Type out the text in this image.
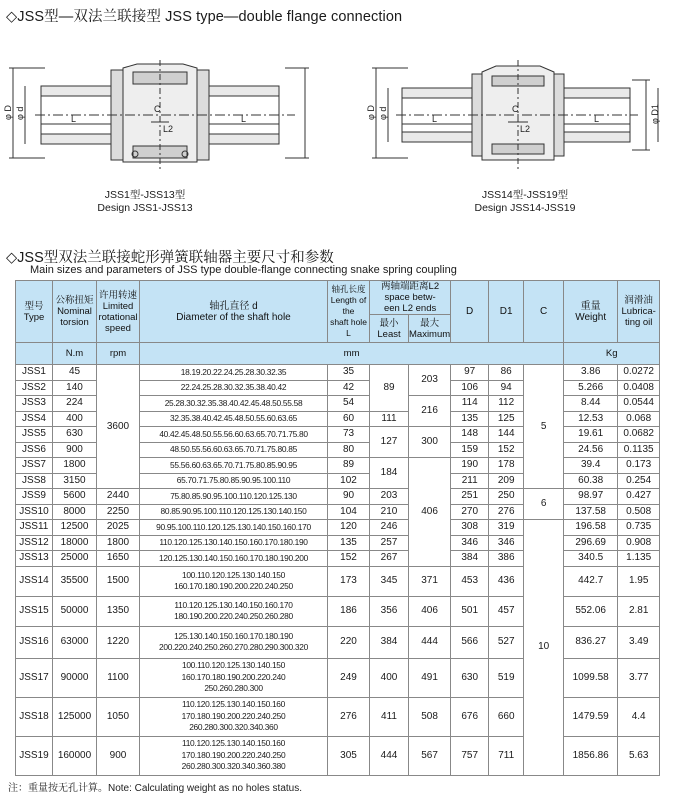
◇JSS型—双法兰联接型 JSS type—double flange connection
φ D φ d	L	L
C
L2
JSS1型-JSS13型
Design JSS1-JSS13
φ D φ d	φ D1
L	L
C
L2
JSS14型-JSS19型
Design JSS14-JSS19
◇JSS型双法兰联接蛇形弹簧联轴器主要尺寸和参数
Main sizes and parameters of JSS type double-flange connecting snake spring coupling
型号
Type	公称扭矩
Nominal
torsion	许用转速
Limited
rotational
speed	轴孔直径 d
Diameter of the shaft hole	轴孔长度
Length of the
shaft hole
L	两轴端距离L2
space betw-
een L2 ends		D	D1	C	重量
Weight	润滑油
Lubrica-
ting oil

					最小
Least	最大
Maximum					

	N.m	rpm	mm							Kg	
JSS1	45	3600	18.19.20.22.24.25.28.30.32.35	35	89	203	97	86	5	3.86	0.0272
JSS2	140		22.24.25.28.30.32.35.38.40.42	42			106	94		5.266	0.0408
JSS3	224		25.28.30.32.35.38.40.42.45.48.50.55.58	54		216	114	112		8.44	0.0544
JSS4	400		32.35.38.40.42.45.48.50.55.60.63.65	60	111		135	125		12.53	0.068
JSS5	630		40.42.45.48.50.55.56.60.63.65.70.71.75.80	73	127	300	148	144		19.61	0.0682
JSS6	900		48.50.55.56.60.63.65.70.71.75.80.85	80			159	152		24.56	0.1135
JSS7	1800		55.56.60.63.65.70.71.75.80.85.90.95	89	184	406	190	178		39.4	0.173
JSS8	3150		65.70.71.75.80.85.90.95.100.110	102			211	209		60.38	0.254
JSS9	5600	2440	75.80.85.90.95.100.110.120.125.130	90	203		251	250	6	98.97	0.427
JSS10	8000	2250	80.85.90.95.100.110.120.125.130.140.150	104	210		270	276		137.58	0.508
JSS11	12500	2025	90.95.100.110.120.125.130.140.150.160.170	120	246		308	319	10	196.58	0.735
JSS12	18000	1800	110.120.125.130.140.150.160.170.180.190	135	257		346	346		296.69	0.908
JSS13	25000	1650	120.125.130.140.150.160.170.180.190.200	152	267		384	386		340.5	1.135
JSS14	35500	1500	100.110.120.125.130.140.150
160.170.180.190.200.220.240.250	173	345	371	453	436		442.7	1.95
JSS15	50000	1350	110.120.125.130.140.150.160.170
180.190.200.220.240.250.260.280	186	356	406	501	457		552.06	2.81
JSS16	63000	1220	125.130.140.150.160.170.180.190
200.220.240.250.260.270.280.290.300.320	220	384	444	566	527		836.27	3.49
JSS17	90000	1100	100.110.120.125.130.140.150
160.170.180.190.200.220.240
250.260.280.300	249	400	491	630	519		1099.58	3.77
JSS18	125000	1050	110.120.125.130.140.150.160
170.180.190.200.220.240.250
260.280.300.320.340.360	276	411	508	676	660		1479.59	4.4
JSS19	160000	900	110.120.125.130.140.150.160
170.180.190.200.220.240.250
260.280.300.320.340.360.380	305	444	567	757	711		1856.86	5.63
注：重量按无孔计算。Note: Calculating weight as no holes status.
